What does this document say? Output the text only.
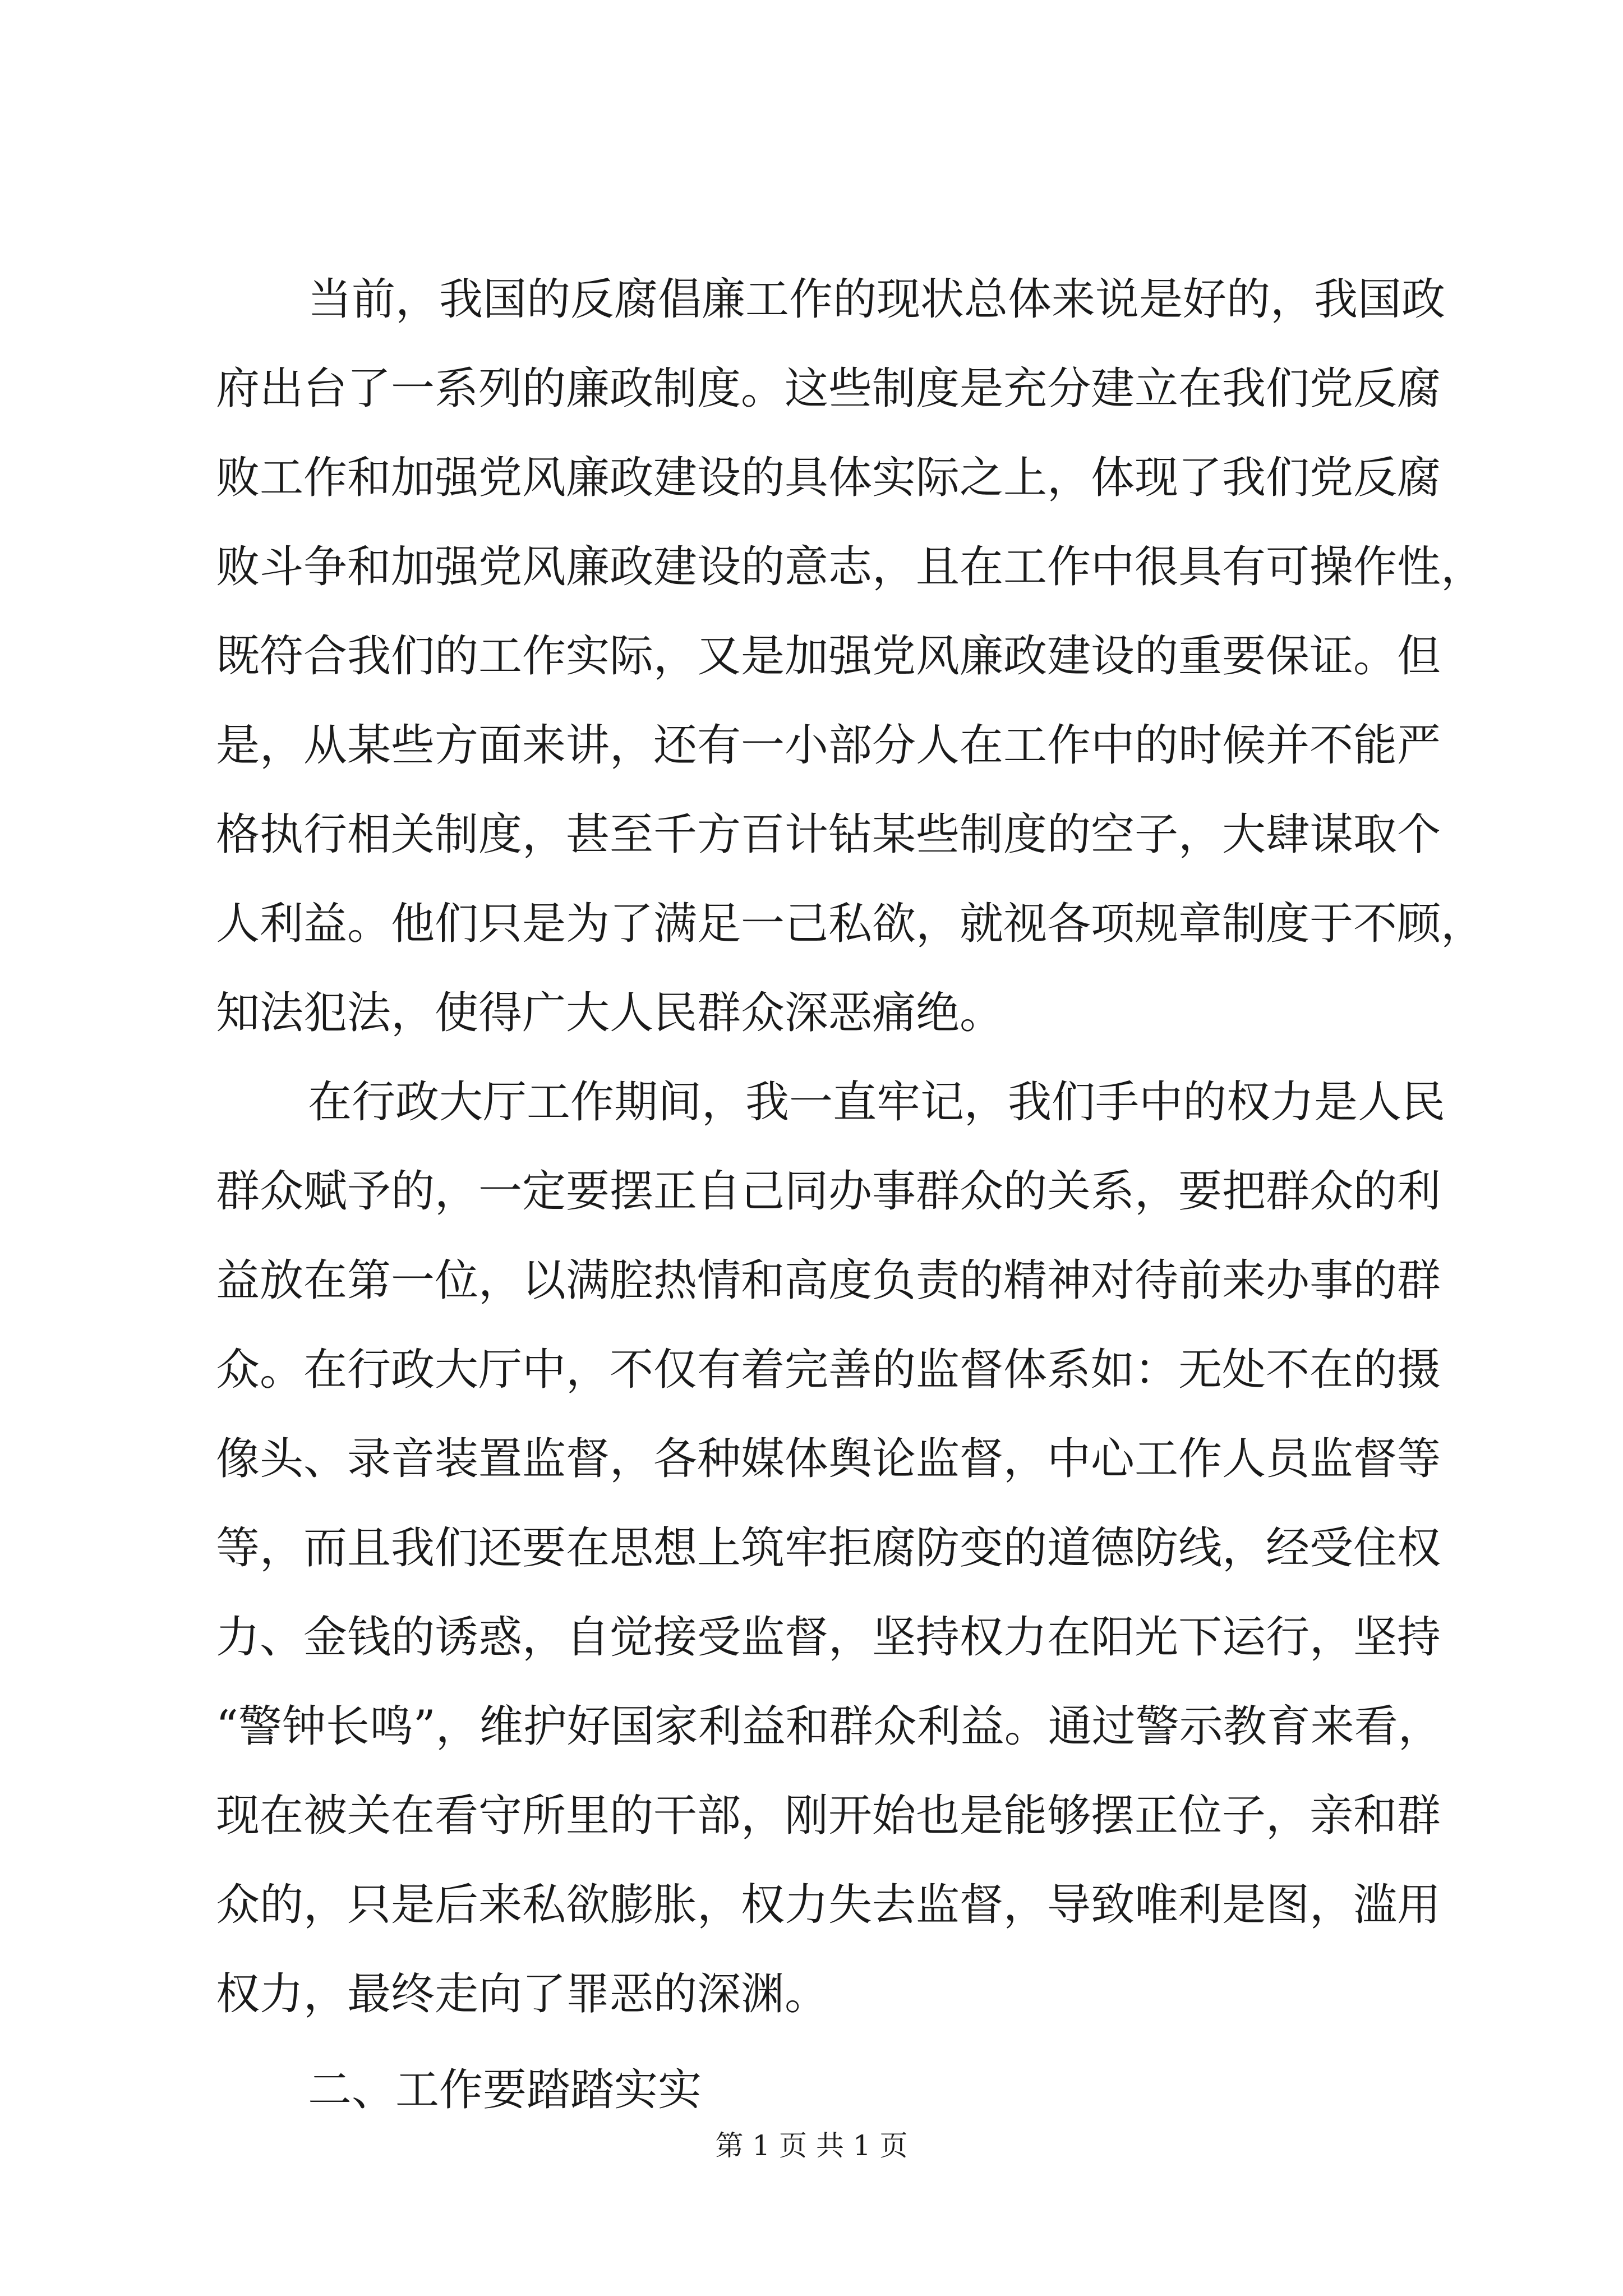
当前，我国的反腐倡廉工作的现状总体来说是好的，我国政
府出台了一系列的廉政制度。这些制度是充分建立在我们党反腐
败工作和加强党风廉政建设的具体实际之上，体现了我们党反腐
败斗争和加强党风廉政建设的意志，且在工作中很具有可操作性，
既符合我们的工作实际，又是加强党风廉政建设的重要保证。但
是，从某些方面来讲，还有一小部分人在工作中的时候并不能严
格执行相关制度，甚至千方百计钻某些制度的空子，大肆谋取个
人利益。他们只是为了满足一己私欲，就视各项规章制度于不顾，
知法犯法，使得广大人民群众深恶痛绝。
在行政大厅工作期间，我一直牢记，我们手中的权力是人民
群众赋予的，一定要摆正自己同办事群众的关系，要把群众的利
益放在第一位，以满腔热情和高度负责的精神对待前来办事的群
众。在行政大厅中，不仅有着完善的监督体系如：无处不在的摄
像头、录音装置监督，各种媒体舆论监督，中心工作人员监督等
等，而且我们还要在思想上筑牢拒腐防变的道德防线，经受住权
力、金钱的诱惑，自觉接受监督，坚持权力在阳光下运行，坚持
“警钟长鸣”，维护好国家利益和群众利益。通过警示教育来看，
现在被关在看守所里的干部，刚开始也是能够摆正位子，亲和群
众的，只是后来私欲膨胀，权力失去监督，导致唯利是图，滥用
权力，最终走向了罪恶的深渊。
二、工作要踏踏实实
第 1 页 共 1 页
